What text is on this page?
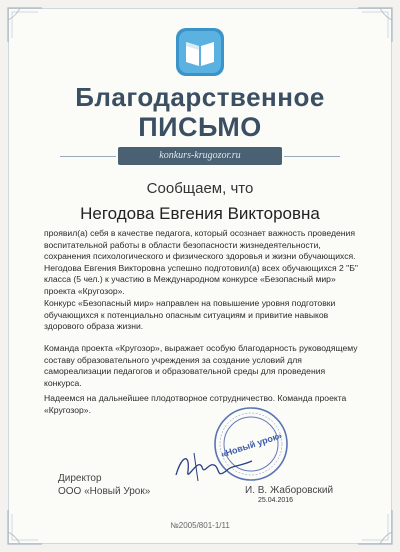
Благодарственное
ПИСЬМО
konkurs-krugozor.ru
Сообщаем, что
Негодова Евгения Викторовна

проявил(а) себя в качестве педагога, который осознает важность проведения воспитательной работы в области безопасности жизнедеятельности, сохранения психологического и физического здоровья и жизни обучающихся. Негодова Евгения Викторовна успешно подготовил(а) всех обучающихся 2 "Б" класса (5 чел.) к участию в Международном конкурсе «Безопасный мир» проекта «Кругозор».

Конкурс «Безопасный мир» направлен на повышение уровня подготовки обучающихся к потенциально опасным ситуациям и привитие навыков здорового образа жизни.

Команда проекта «Кругозор», выражает особую благодарность руководящему составу образовательного учреждения за создание условий для самореализации педагогов и образовательной среды для проведения конкурса.

Надеемся на дальнейшее плодотворное сотрудничество. Команда проекта «Кругозор».

«Новый урок»
Директор
ООО «Новый Урок»	И. В. Жаборовский
25.04.2016
№2005/801-1/11
